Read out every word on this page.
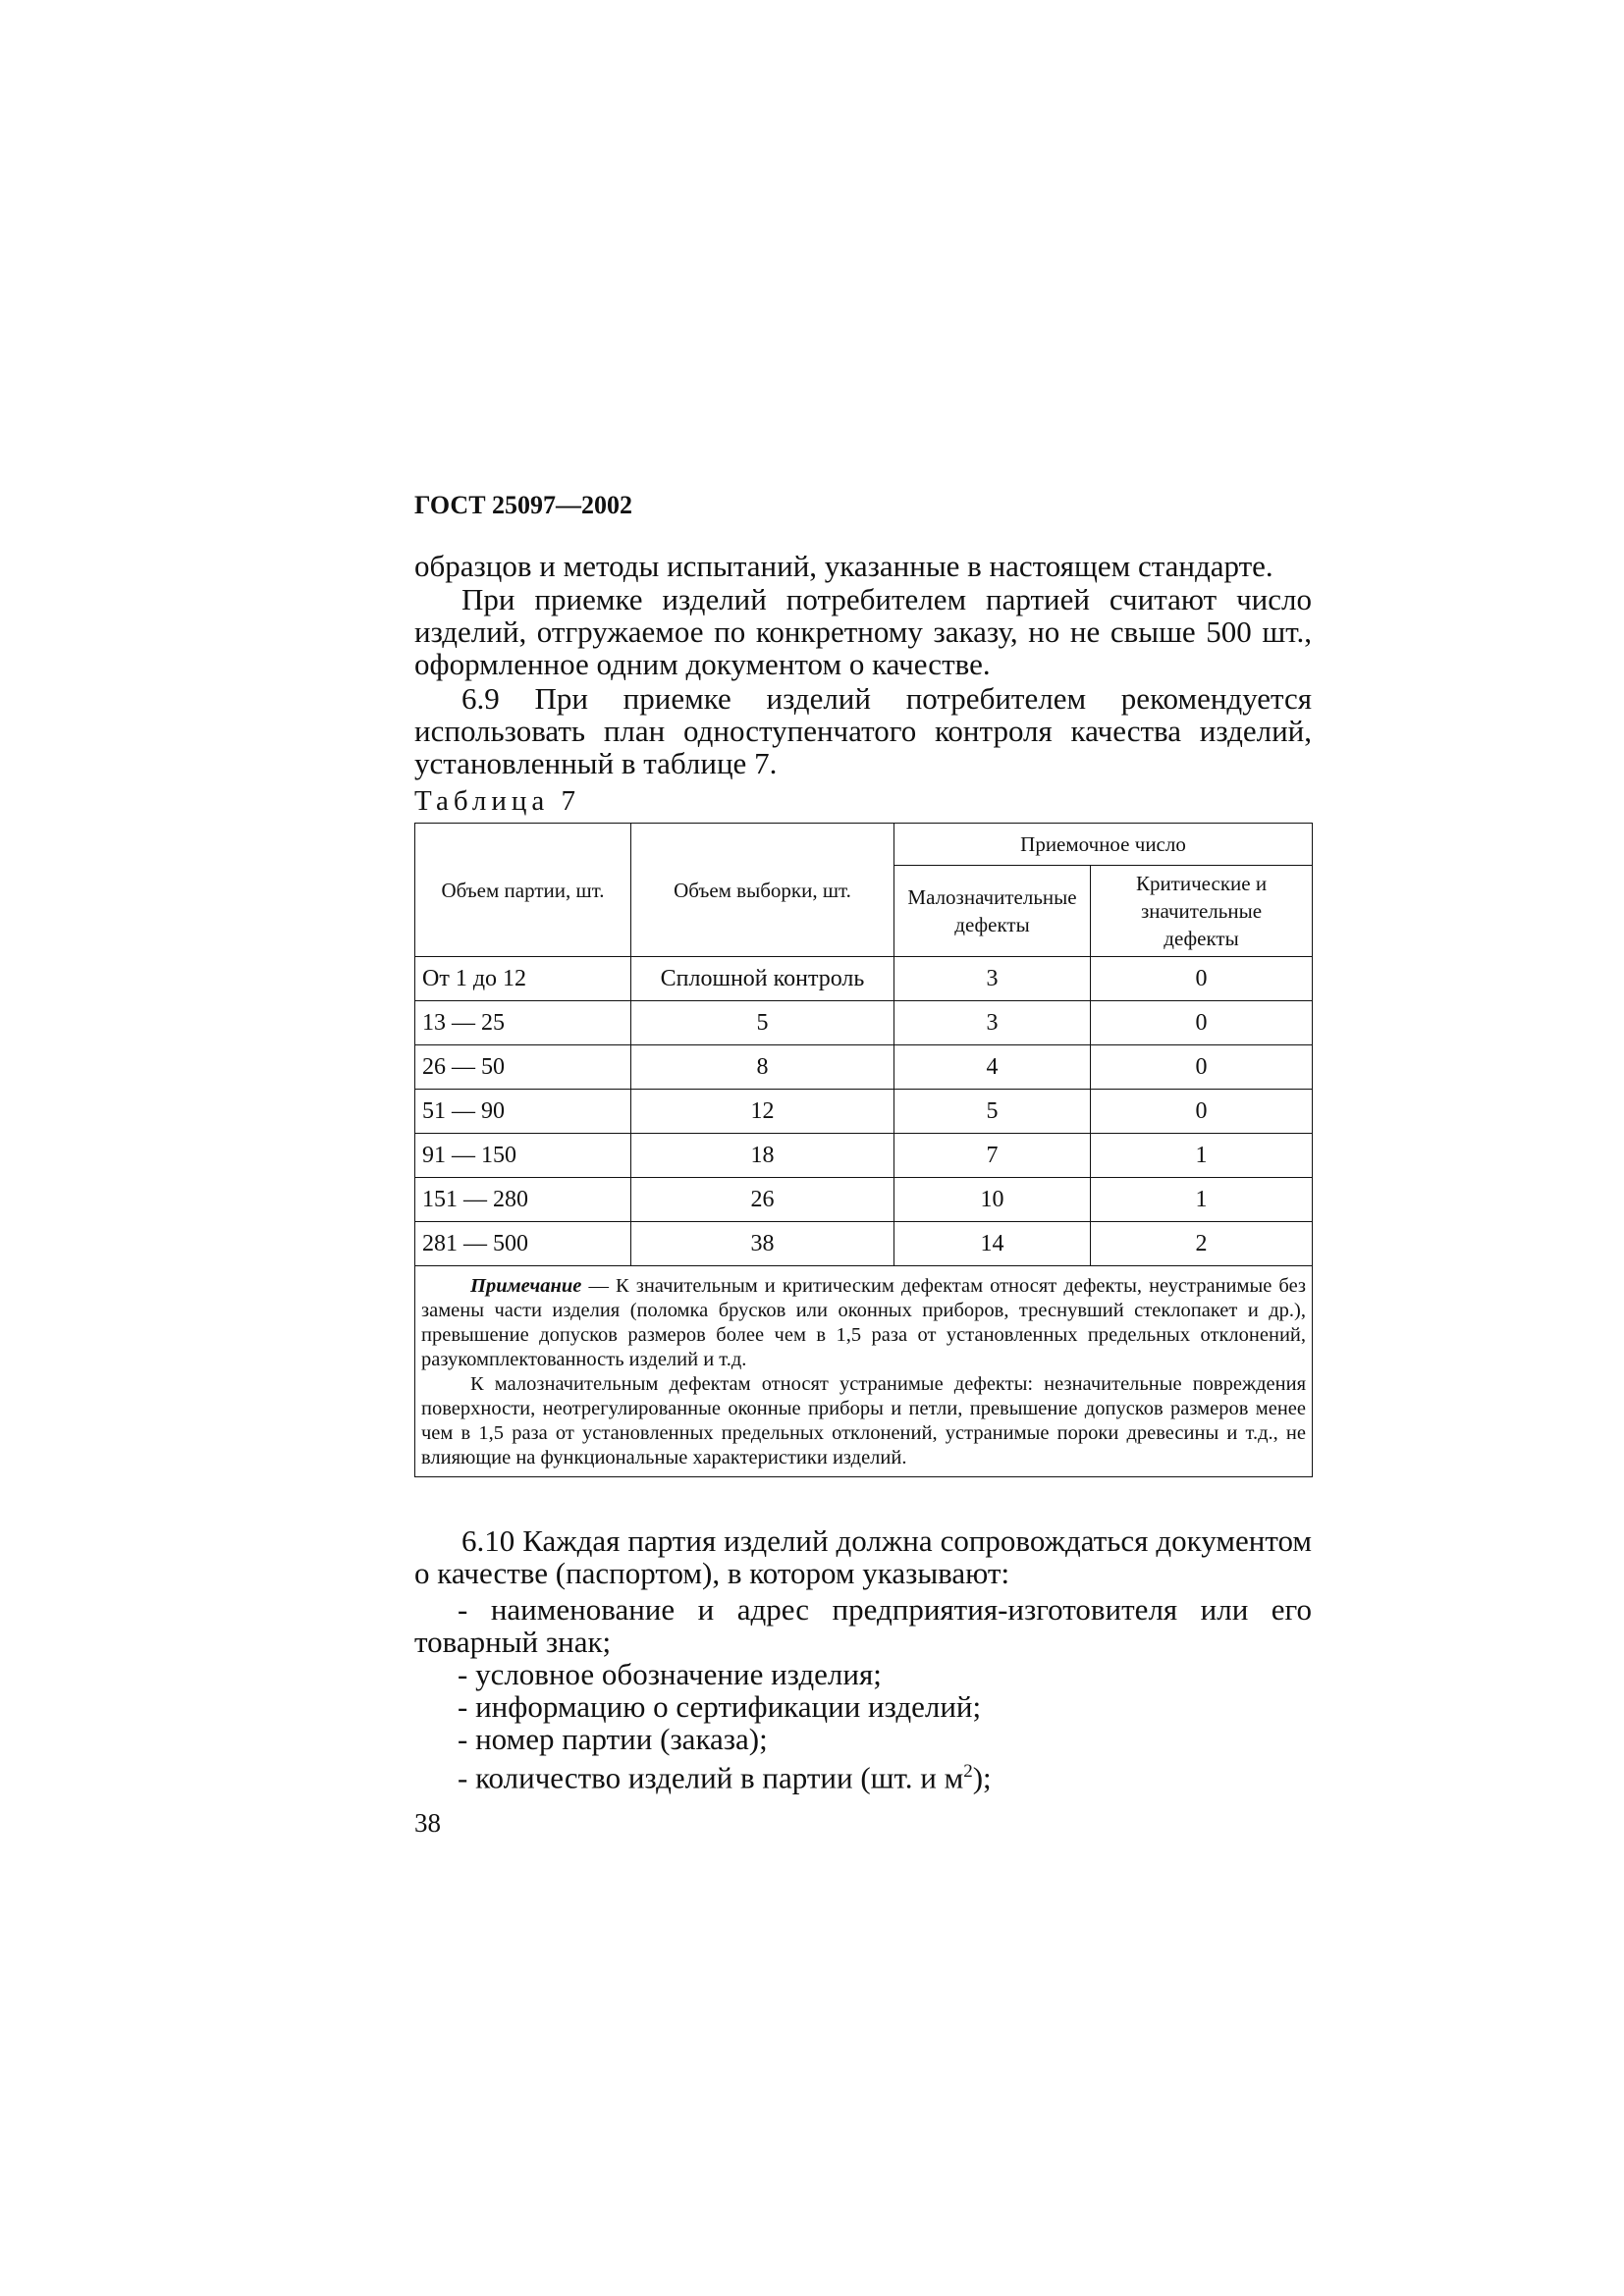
ГОСТ 25097—2002

образцов и методы испытаний, указанные в настоящем стандарте.

При приемке изделий потребителем партией считают число изделий, отгружаемое по конкретному заказу, но не свыше 500 шт., оформленное одним документом о качестве.

6.9 При приемке изделий потребителем рекомендуется использовать план одноступенчатого контроля качества изделий, установленный в таблице 7.

Таблица 7
Объем партии, шт.	Объем выборки, шт.	Приемочное число	
		Малозначительные дефекты	Критические и значительные дефекты
От 1 до 12	Сплошной контроль	3	0
13 — 25	5	3	0
26 — 50	8	4	0
51 — 90	12	5	0
91 — 150	18	7	1
151 — 280	26	10	1
281 — 500	38	14	2

Примечание — К значительным и критическим дефектам относят дефекты, неустранимые без замены части изделия (поломка брусков или оконных приборов, треснувший стеклопакет и др.), превышение допусков размеров более чем в 1,5 раза от установленных предельных отклонений, разукомплектованность изделий и т.д.

К малозначительным дефектам относят устранимые дефекты: незначительные повреждения поверхности, неотрегулированные оконные приборы и петли, превышение допусков размеров менее чем в 1,5 раза от установленных предельных отклонений, устранимые пороки древесины и т.д., не влияющие на функциональные характеристики изделий.			

6.10 Каждая партия изделий должна сопровождаться документом о качестве (паспортом), в котором указывают:

- наименование и адрес предприятия-изготовителя или его товарный знак;

- условное обозначение изделия;

- информацию о сертификации изделий;

- номер партии (заказа);

- количество изделий в партии (шт. и $м^2$);

38
